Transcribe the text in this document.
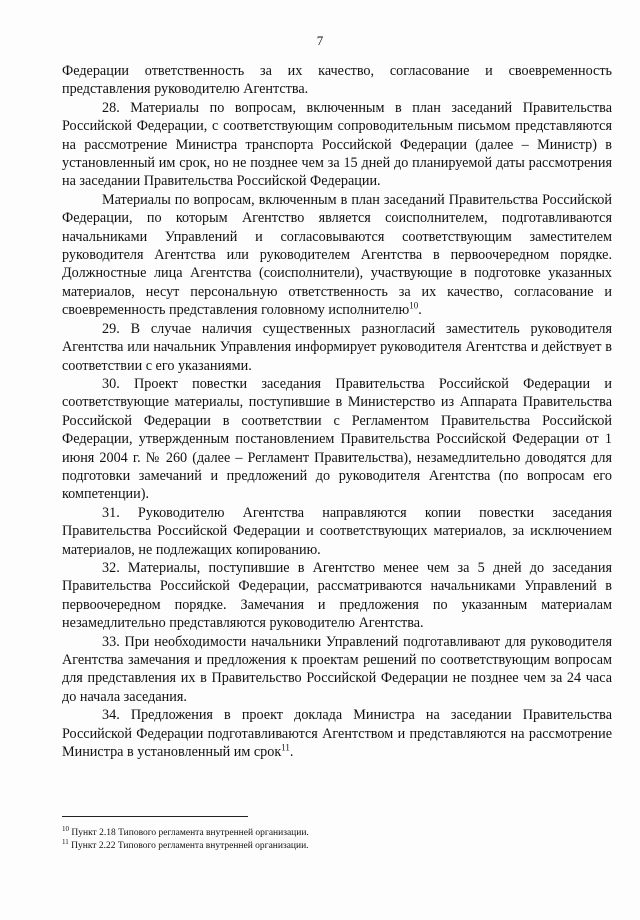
7

Федерации ответственность за их качество, согласование и своевременность представления руководителю Агентства.

28. Материалы по вопросам, включенным в план заседаний Правительства Российской Федерации, с соответствующим сопроводительным письмом представляются на рассмотрение Министра транспорта Российской Федерации (далее – Министр) в установленный им срок, но не позднее чем за 15 дней до планируемой даты рассмотрения на заседании Правительства Российской Федерации.

Материалы по вопросам, включенным в план заседаний Правительства Российской Федерации, по которым Агентство является соисполнителем, подготавливаются начальниками Управлений и согласовываются соответствующим заместителем руководителя Агентства или руководителем Агентства в первоочередном порядке. Должностные лица Агентства (соисполнители), участвующие в подготовке указанных материалов, несут персональную ответственность за их качество, согласование и своевременность представления головному исполнителю$^{10}$.

29. В случае наличия существенных разногласий заместитель руководителя Агентства или начальник Управления информирует руководителя Агентства и действует в соответствии с его указаниями.

30. Проект повестки заседания Правительства Российской Федерации и соответствующие материалы, поступившие в Министерство из Аппарата Правительства Российской Федерации в соответствии с Регламентом Правительства Российской Федерации, утвержденным постановлением Правительства Российской Федерации от 1 июня 2004 г. № 260 (далее – Регламент Правительства), незамедлительно доводятся для подготовки замечаний и предложений до руководителя Агентства (по вопросам его компетенции).

31. Руководителю Агентства направляются копии повестки заседания Правительства Российской Федерации и соответствующих материалов, за исключением материалов, не подлежащих копированию.

32. Материалы, поступившие в Агентство менее чем за 5 дней до заседания Правительства Российской Федерации, рассматриваются начальниками Управлений в первоочередном порядке. Замечания и предложения по указанным материалам незамедлительно представляются руководителю Агентства.

33. При необходимости начальники Управлений подготавливают для руководителя Агентства замечания и предложения к проектам решений по соответствующим вопросам для представления их в Правительство Российской Федерации не позднее чем за 24 часа до начала заседания.

34. Предложения в проект доклада Министра на заседании Правительства Российской Федерации подготавливаются Агентством и представляются на рассмотрение Министра в установленный им срок$^{11}$.

$^{10}$ Пункт 2.18 Типового регламента внутренней организации.

$^{11}$ Пункт 2.22 Типового регламента внутренней организации.
